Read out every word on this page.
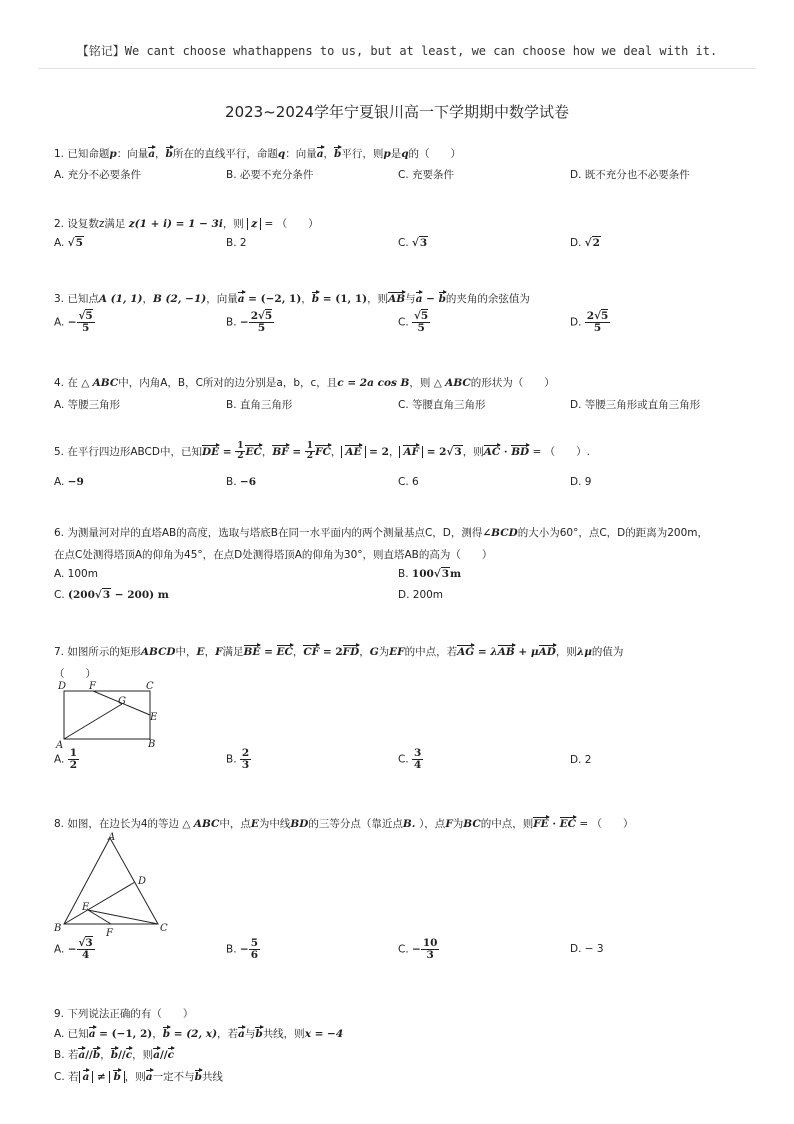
【铭记】We cant choose whathappens to us, but at least, we can choose how we deal with it.
2023~2024学年宁夏银川高一下学期期中数学试卷
1. 已知命题p：向量a，b所在的直线平行，命题q：向量a，b平行，则p是q的（　　）
A. 充分不必要条件	B. 必要不充分条件	C. 充要条件	D. 既不充分也不必要条件
2. 设复数z满足 z(1 + i) = 1 − 3i，则 z = （　　）
A. √5	B. 2	C. √3	D. √2
3. 已知点A (1, 1)，B (2, −1)，向量a = (−2, 1)，b = (1, 1)，则AB与a − b的夹角的余弦值为
A. − $\frac{√5}{5}$	B. − $\frac{2√5}{5}$	C. $\frac{√5}{5}$	D. $\frac{2√5}{5}$
4. 在 △ ABC中，内角A，B，C所对的边分别是a，b，c，且c = 2a cos B，则 △ ABC的形状为（　　）
A. 等腰三角形	B. 直角三角形	C. 等腰直角三角形	D. 等腰三角形或直角三角形
5. 在平行四边形ABCD中，已知DE = $\frac{1}{2}$ EC，BF = $\frac{1}{2}$ FC， AE = 2， AF = 2√3，则AC · BD = （　　）.
A. −9	B. −6	C. 6	D. 9
6. 为测量河对岸的直塔AB的高度，选取与塔底B在同一水平面内的两个测量基点C，D，测得∠BCD的大小为60°，点C，D的距离为200m，
在点C处测得塔顶A的仰角为45°，在点D处测得塔顶A的仰角为30°，则直塔AB的高为（　　）
A. 100m	B. 100√3m
C. (200√3 − 200) m	D. 200m
7. 如图所示的矩形ABCD中，E，F满足BE = EC，CF = 2FD，G为EF的中点，若AG = λAB + μAD，则λμ的值为
（　　）
D F	C
G
E
A	B
A. $\frac{1}{2}$	B. $\frac{2}{3}$	C. $\frac{3}{4}$	D. 2
8. 如图，在边长为4的等边 △ ABC中，点E为中线BD的三等分点（靠近点B. ），点F为BC的中点，则FE · EC = （　　）
A
D
E
B	F	C
A. − $\frac{√3}{4}$	B. − $\frac{5}{6}$	C. − $\frac{10}{3}$	D. − 3
9. 下列说法正确的有（　　）
A. 已知a = (−1, 2)，b = (2, x)，若a与b共线，则x = −4
B. 若a//b，b//c，则a//c
C. 若 a ≠ b ，则a一定不与b共线
